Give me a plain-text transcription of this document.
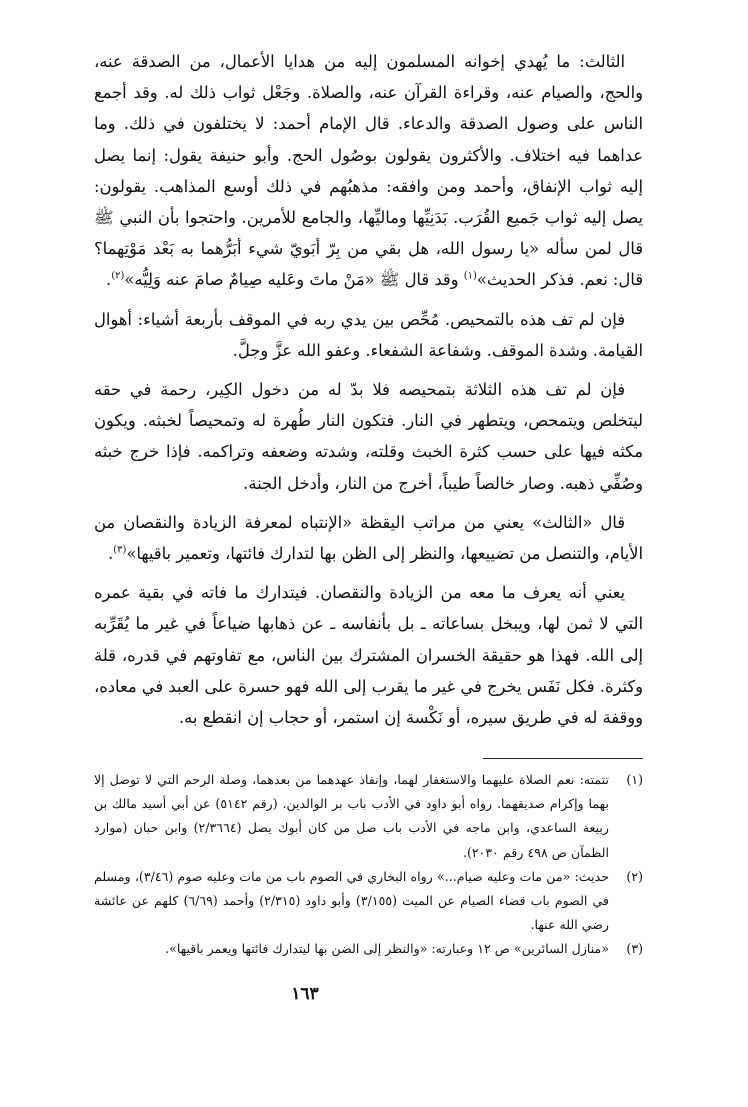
الثالث: ما يُهدي إخوانه المسلمون إليه من هدايا الأعمال، من الصدقة عنه، والحج، والصيام عنه، وقراءة القرآن عنه، والصلاة. وجَعْل ثواب ذلك له. وقد أجمع الناس على وصول الصدقة والدعاء. قال الإمام أحمد: لا يختلفون في ذلك. وما عداهما فيه اختلاف. والأكثرون يقولون بوصُول الحج. وأبو حنيفة يقول: إنما يصل إليه ثواب الإنفاق، وأحمد ومن وافقه: مذهبُهم في ذلك أوسع المذاهب. يقولون: يصل إليه ثواب جَميع القُرَب. بَدَنِيِّها وماليِّها، والجامع للأمرين. واحتجوا بأن النبي ﷺ قال لمن سأله «يا رسول الله، هل بقي من بِرّ أبَويّ شيء أبَرُّهما به بَعْد مَوْتِهما؟ قال: نعم. فذكر الحديث»$^{(١)}$ وقد قال ﷺ «مَنْ ماتَ وعَليه صِيامٌ صامَ عنه وَلِيُّه»$^{(٢)}$.

فإن لم تف هذه بالتمحيص. مُحِّص بين يدي ربه في الموقف بأربعة أشياء: أهوال القيامة. وشدة الموقف. وشفاعة الشفعاء. وعفو الله عزَّ وجلَّ.

فإن لم تف هذه الثلاثة بتمحيصه فلا بدّ له من دخول الكِير، رحمة في حقه ليتخلص ويتمحص، ويتطهر في النار. فتكون النار طُهرة له وتمحيصاً لخبثه. ويكون مكثه فيها على حسب كثرة الخبث وقلته، وشدته وضعفه وتراكمه. فإذا خرج خبثه وصُفِّي ذهبه. وصار خالصاً طيباً، أخرج من النار، وأدخل الجنة.

قال «الثالث» يعني من مراتب اليقظة «الإنتباه لمعرفة الزيادة والنقصان من الأيام، والتنصل من تضييعها، والنظر إلى الظن بها لتدارك فائتها، وتعمير باقيها»$^{(٣)}$.

يعني أنه يعرف ما معه من الزيادة والنقصان. فيتدارك ما فاته في بقية عمره التي لا ثمن لها، ويبخل بساعاته ـ بل بأنفاسه ـ عن ذهابها ضياعاً في غير ما يُقَرِّبه إلى الله. فهذا هو حقيقة الخسران المشترك بين الناس، مع تفاوتهم في قدره، قلة وكثرة. فكل نَفَس يخرج في غير ما يقرب إلى الله فهو حسرة على العبد في معاده، ووقفة له في طريق سيره، أو نَكْسة إن استمر، أو حجاب إن انقطع به.

(١)
تتمته: نعم الصلاة عليهما والاستغفار لهما، وإنفاذ عهدهما من بعدهما، وصلة الرحم التي لا توصل إلا بهما وإكرام صديقهما. رواه أبو داود في الأدب باب بر الوالدين. (رقم ٥١٤٢) عن أبي أسيد مالك بن ربيعة الساعدي، وابن ماجه في الأدب باب صل من كان أبوك يصل (٢/٣٦٦٤) وابن حبان (موارد الظمآن ص ٤٩٨ رقم ٢٠٣٠).
(٢)
حديث: «من مات وعليه صيام...» رواه البخاري في الصوم باب من مات وعليه صوم (٣/٤٦)، ومسلم في الصوم باب قضاء الصيام عن الميت (٣/١٥٥) وأبو داود (٢/٣١٥) وأحمد (٦/٦٩) كلهم عن عائشة رضي الله عنها.
(٣)
«منازل السائرين» ص ١٢ وعبارته: «والنظر إلى الضن بها ليتدارك فائتها ويعمر باقيها».
١٦٣
